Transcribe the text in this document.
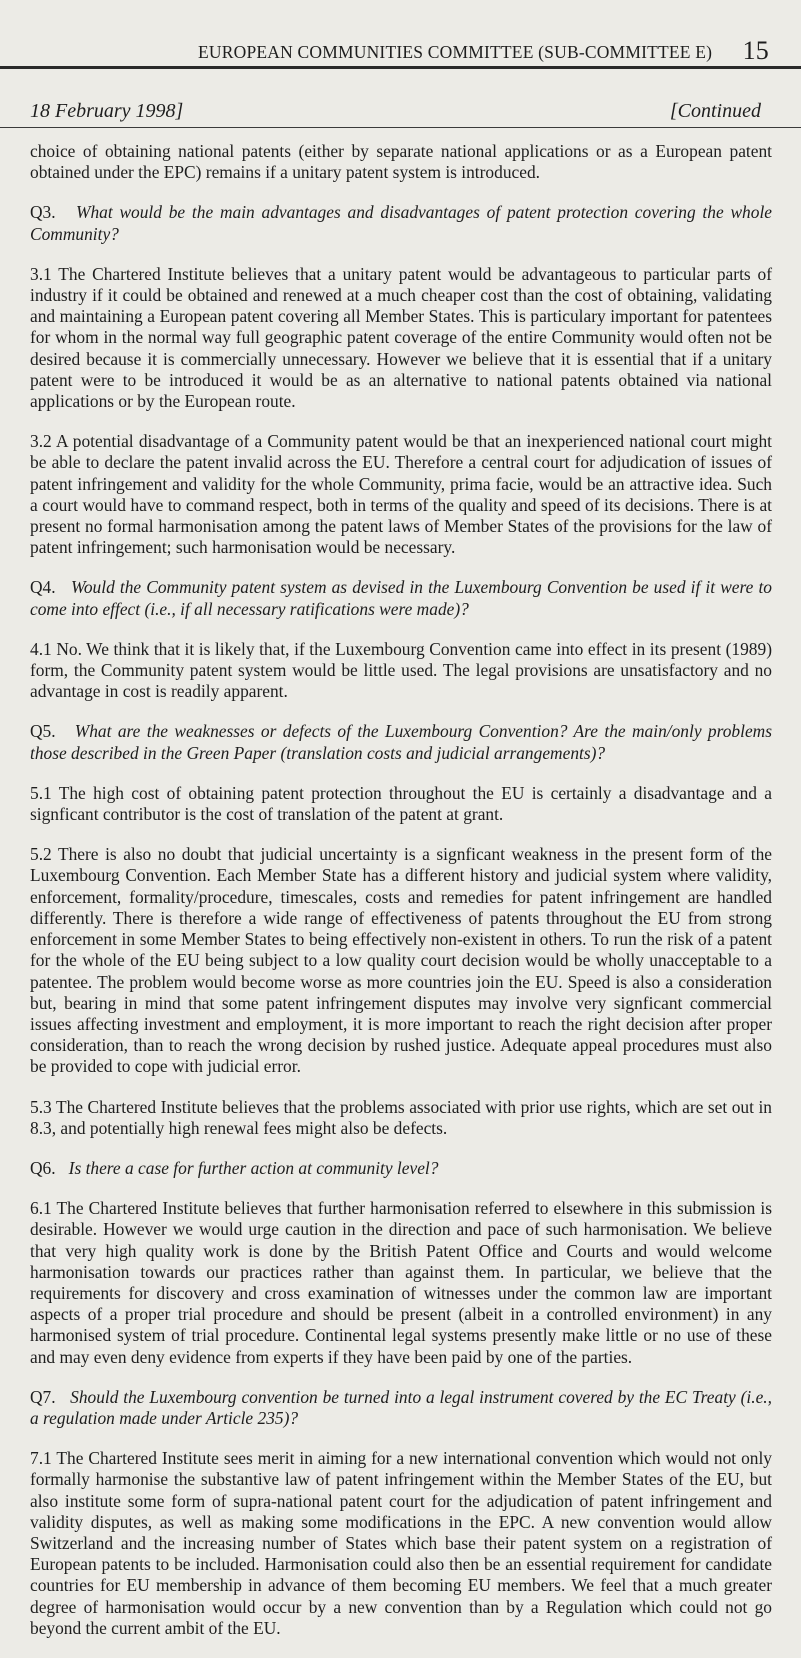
EUROPEAN COMMUNITIES COMMITTEE (SUB-COMMITTEE E) 15
18 February 1998]	[Continued

choice of obtaining national patents (either by separate national applications or as a European patent obtained under the EPC) remains if a unitary patent system is introduced.

Q3. What would be the main advantages and disadvantages of patent protection covering the whole Community?

3.1 The Chartered Institute believes that a unitary patent would be advantageous to particular parts of industry if it could be obtained and renewed at a much cheaper cost than the cost of obtaining, validating and maintaining a European patent covering all Member States. This is particulary important for patentees for whom in the normal way full geographic patent coverage of the entire Community would often not be desired because it is commercially unnecessary. However we believe that it is essential that if a unitary patent were to be introduced it would be as an alternative to national patents obtained via national applications or by the European route.

3.2 A potential disadvantage of a Community patent would be that an inexperienced national court might be able to declare the patent invalid across the EU. Therefore a central court for adjudication of issues of patent infringement and validity for the whole Community, prima facie, would be an attractive idea. Such a court would have to command respect, both in terms of the quality and speed of its decisions. There is at present no formal harmonisation among the patent laws of Member States of the provisions for the law of patent infringement; such harmonisation would be necessary.

Q4. Would the Community patent system as devised in the Luxembourg Convention be used if it were to come into effect (i.e., if all necessary ratifications were made)?

4.1 No. We think that it is likely that, if the Luxembourg Convention came into effect in its present (1989) form, the Community patent system would be little used. The legal provisions are unsatisfactory and no advantage in cost is readily apparent.

Q5. What are the weaknesses or defects of the Luxembourg Convention? Are the main/only problems those described in the Green Paper (translation costs and judicial arrangements)?

5.1 The high cost of obtaining patent protection throughout the EU is certainly a disadvantage and a signficant contributor is the cost of translation of the patent at grant.

5.2 There is also no doubt that judicial uncertainty is a signficant weakness in the present form of the Luxembourg Convention. Each Member State has a different history and judicial system where validity, enforcement, formality/procedure, timescales, costs and remedies for patent infringement are handled differently. There is therefore a wide range of effectiveness of patents throughout the EU from strong enforcement in some Member States to being effectively non-existent in others. To run the risk of a patent for the whole of the EU being subject to a low quality court decision would be wholly unacceptable to a patentee. The problem would become worse as more countries join the EU. Speed is also a consideration but, bearing in mind that some patent infringement disputes may involve very signficant commercial issues affecting investment and employment, it is more important to reach the right decision after proper consideration, than to reach the wrong decision by rushed justice. Adequate appeal procedures must also be provided to cope with judicial error.

5.3 The Chartered Institute believes that the problems associated with prior use rights, which are set out in 8.3, and potentially high renewal fees might also be defects.

Q6. Is there a case for further action at community level?

6.1 The Chartered Institute believes that further harmonisation referred to elsewhere in this submission is desirable. However we would urge caution in the direction and pace of such harmonisation. We believe that very high quality work is done by the British Patent Office and Courts and would welcome harmonisation towards our practices rather than against them. In particular, we believe that the requirements for discovery and cross examination of witnesses under the common law are important aspects of a proper trial procedure and should be present (albeit in a controlled environment) in any harmonised system of trial procedure. Continental legal systems presently make little or no use of these and may even deny evidence from experts if they have been paid by one of the parties.

Q7. Should the Luxembourg convention be turned into a legal instrument covered by the EC Treaty (i.e., a regulation made under Article 235)?

7.1 The Chartered Institute sees merit in aiming for a new international convention which would not only formally harmonise the substantive law of patent infringement within the Member States of the EU, but also institute some form of supra-national patent court for the adjudication of patent infringement and validity disputes, as well as making some modifications in the EPC. A new convention would allow Switzerland and the increasing number of States which base their patent system on a registration of European patents to be included. Harmonisation could also then be an essential requirement for candidate countries for EU membership in advance of them becoming EU members. We feel that a much greater degree of harmonisation would occur by a new convention than by a Regulation which could not go beyond the current ambit of the EU.
